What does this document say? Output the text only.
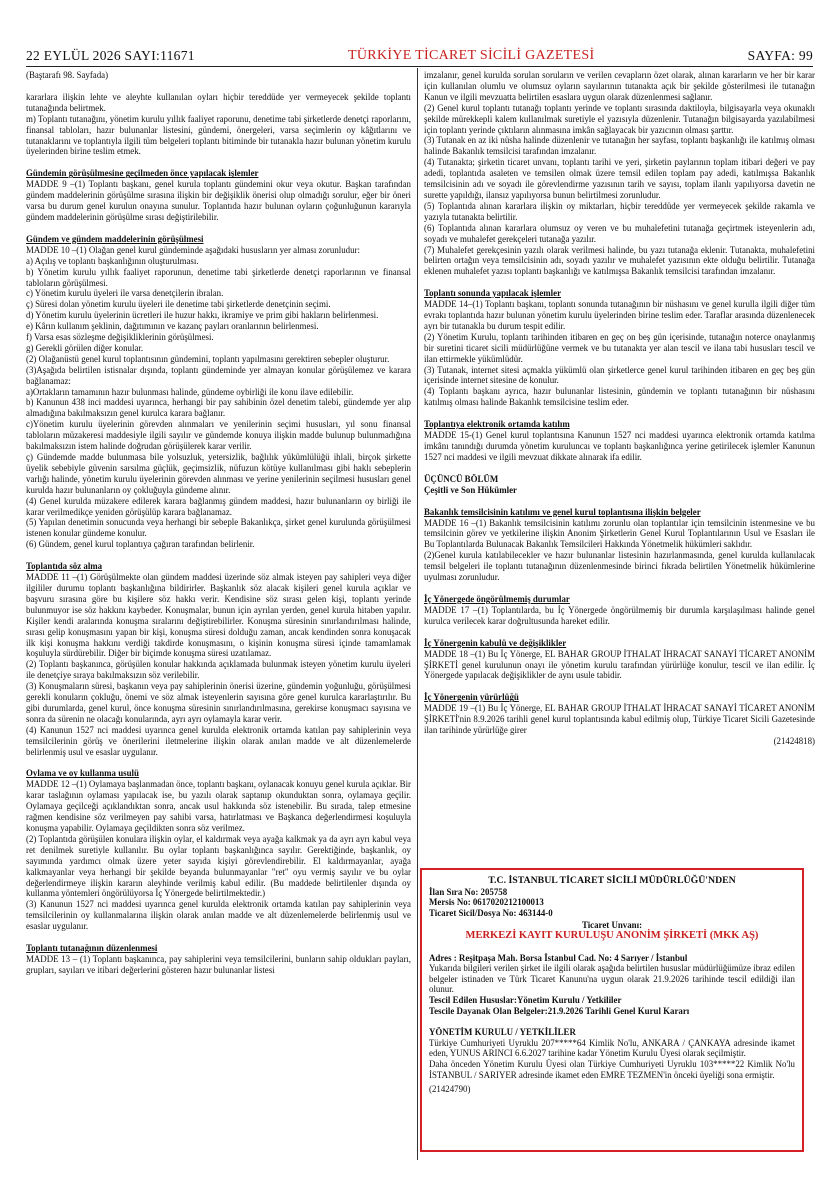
22 EYLÜL 2026 SAYI:11671	TÜRKİYE TİCARET SİCİLİ GAZETESİ	SAYFA: 99

(Baştarafı 98. Sayfada)

kararlara ilişkin lehte ve aleyhte kullanılan oyları hiçbir tereddüde yer vermeyecek şekilde toplantı tutanağında belirtmek.

m) Toplantı tutanağını, yönetim kurulu yıllık faaliyet raporunu, denetime tabi şirketlerde denetçi raporlarını, finansal tabloları, hazır bulunanlar listesini, gündemi, önergeleri, varsa seçimlerin oy kâğıtlarını ve tutanaklarını ve toplantıyla ilgili tüm belgeleri toplantı bitiminde bir tutanakla hazır bulunan yönetim kurulu üyelerinden birine teslim etmek.

Gündemin görüşülmesine geçilmeden önce yapılacak işlemler

MADDE 9 –(1) Toplantı başkanı, genel kurula toplantı gündemini okur veya okutur. Başkan tarafından gündem maddelerinin görüşülme sırasına ilişkin bir değişiklik önerisi olup olmadığı sorulur, eğer bir öneri varsa bu durum genel kurulun onayına sunulur. Toplantıda hazır bulunan oyların çoğunluğunun kararıyla gündem maddelerinin görüşülme sırası değiştirilebilir.

Gündem ve gündem maddelerinin görüşülmesi

MADDE 10 –(1) Olağan genel kurul gündeminde aşağıdaki hususların yer alması zorunludur:

a) Açılış ve toplantı başkanlığının oluşturulması.

b) Yönetim kurulu yıllık faaliyet raporunun, denetime tabi şirketlerde denetçi raporlarının ve finansal tabloların görüşülmesi.

c) Yönetim kurulu üyeleri ile varsa denetçilerin ibralan.

ç) Süresi dolan yönetim kurulu üyeleri ile denetime tabi şirketlerde denetçinin seçimi.

d) Yönetim kurulu üyelerinin ücretleri ile huzur hakkı, ikramiye ve prim gibi hakların belirlenmesi.

e) Kârın kullanım şeklinin, dağıtımının ve kazanç payları oranlarının belirlenmesi.

f) Varsa esas sözleşme değişikliklerinin görüşülmesi.

g) Gerekli görülen diğer konular.

(2) Olağanüstü genel kurul toplantısının gündemini, toplantı yapılmasını gerektiren sebepler oluşturur.

(3)Aşağıda belirtilen istisnalar dışında, toplantı gündeminde yer almayan konular görüşülemez ve karara bağlanamaz:

a)Ortakların tamamının hazır bulunması halinde, gündeme oybirliği ile konu ilave edilebilir.

b) Kanunun 438 inci maddesi uyarınca, herhangi bir pay sahibinin özel denetim talebi, gündemde yer alıp almadığına bakılmaksızın genel kurulca karara bağlanır.

c)Yönetim kurulu üyelerinin görevden alınmaları ve yenilerinin seçimi hususları, yıl sonu finansal tabloların müzakeresi maddesiyle ilgili sayılır ve gündemde konuya ilişkin madde bulunup bulunmadığına bakılmaksızın istem halinde doğrudan görüşülerek karar verilir.

ç) Gündemde madde bulunmasa bile yolsuzluk, yetersizlik, bağlılık yükümlülüğü ihlali, birçok şirkette üyelik sebebiyle güvenin sarsılma güçlük, geçimsizlik, nüfuzun kötüye kullanılması gibi haklı sebeplerin varlığı halinde, yönetim kurulu üyelerinin görevden alınması ve yerine yenilerinin seçilmesi hususları genel kurulda hazır bulunanların oy çokluğuyla gündeme alınır.

(4) Genel kurulda müzakere edilerek karara bağlanmış gündem maddesi, hazır bulunanların oy birliği ile karar verilmedikçe yeniden görüşülüp karara bağlanamaz.

(5) Yapılan denetimin sonucunda veya herhangi bir sebeple Bakanlıkça, şirket genel kurulunda görüşülmesi istenen konular gündeme konulur.

(6) Gündem, genel kurul toplantıya çağıran tarafından belirlenir.

Toplantıda söz alma

MADDE 11 –(1) Görüşülmekte olan gündem maddesi üzerinde söz almak isteyen pay sahipleri veya diğer ilgililer durumu toplantı başkanlığına bildirirler. Başkanlık söz alacak kişileri genel kurula açıklar ve başvuru sırasına göre bu kişilere söz hakkı verir. Kendisine söz sırası gelen kişi, toplantı yerinde bulunmuyor ise söz hakkını kaybeder. Konuşmalar, bunun için ayrılan yerden, genel kurula hitaben yapılır. Kişiler kendi aralarında konuşma sıralarını değiştirebilirler. Konuşma süresinin sınırlandırılması halinde, sırası gelip konuşmasını yapan bir kişi, konuşma süresi dolduğu zaman, ancak kendinden sonra konuşacak ilk kişi konuşma hakkını verdiği takdirde konuşmasını, o kişinin konuşma süresi içinde tamamlamak koşuluyla sürdürebilir. Diğer bir biçimde konuşma süresi uzatılamaz.

(2) Toplantı başkanınca, görüşülen konular hakkında açıklamada bulunmak isteyen yönetim kurulu üyeleri ile denetçiye sıraya bakılmaksızın söz verilebilir.

(3) Konuşmaların süresi, başkanın veya pay sahiplerinin önerisi üzerine, gündemin yoğunluğu, görüşülmesi gerekli konuların çokluğu, önemi ve söz almak isteyenlerin sayısına göre genel kurulca kararlaştırılır. Bu gibi durumlarda, genel kurul, önce konuşma süresinin sınırlandırılmasına, gerekirse konuşmacı sayısına ve sonra da sürenin ne olacağı konularında, ayrı ayrı oylamayla karar verir.

(4) Kanunun 1527 nci maddesi uyarınca genel kurulda elektronik ortamda katılan pay sahiplerinin veya temsilcilerinin görüş ve önerilerini iletmelerine ilişkin olarak anılan madde ve alt düzenlemelerde belirlenmiş usul ve esaslar uygulanır.

Oylama ve oy kullanma usulü

MADDE 12 –(1) Oylamaya başlanmadan önce, toplantı başkanı, oylanacak konuyu genel kurula açıklar. Bir karar taslağının oylaması yapılacak ise, bu yazılı olarak saptanıp okunduktan sonra, oylamaya geçilir. Oylamaya geçilceği açıklandıktan sonra, ancak usul hakkında söz istenebilir. Bu sırada, talep etmesine rağmen kendisine söz verilmeyen pay sahibi varsa, hatırlatması ve Başkanca değerlendirmesi koşuluyla konuşma yapabilir. Oylamaya geçildikten sonra söz verilmez.

(2) Toplantıda görüşülen konulara ilişkin oylar, el kaldırmak veya ayağa kalkmak ya da ayrı ayrı kabul veya ret denilmek suretiyle kullanılır. Bu oylar toplantı başkanlığınca sayılır. Gerektiğinde, başkanlık, oy sayımında yardımcı olmak üzere yeter sayıda kişiyi görevlendirebilir. El kaldırmayanlar, ayağa kalkmayanlar veya herhangi bir şekilde beyanda bulunmayanlar "ret" oyu vermiş sayılır ve bu oylar değerlendirmeye ilişkin kararın aleyhinde verilmiş kabul edilir. (Bu maddede belirtilenler dışında oy kullanma yöntemleri öngörülüyorsa İç Yönergede belirtilmektedir.)

(3) Kanunun 1527 nci maddesi uyarınca genel kurulda elektronik ortamda katılan pay sahiplerinin veya temsilcilerinin oy kullanmalarına ilişkin olarak anılan madde ve alt düzenlemelerde belirlenmiş usul ve esaslar uygulanır.

Toplantı tutanağının düzenlenmesi

MADDE 13 – (1) Toplantı başkanınca, pay sahiplerini veya temsilcilerini, bunların sahip oldukları payları, grupları, sayıları ve itibari değerlerini gösteren hazır bulunanlar listesi

imzalanır, genel kurulda sorulan soruların ve verilen cevapların özet olarak, alınan kararların ve her bir karar için kullanılan olumlu ve olumsuz oyların sayılarının tutanakta açık bir şekilde gösterilmesi ile tutanağın Kanun ve ilgili mevzuatta belirtilen esaslara uygun olarak düzenlenmesi sağlanır.

(2) Genel kurul toplantı tutanağı toplantı yerinde ve toplantı sırasında daktiloyla, bilgisayarla veya okunaklı şekilde mürekkepli kalem kullanılmak suretiyle el yazısıyla düzenlenir. Tutanağın bilgisayarda yazılabilmesi için toplantı yerinde çıktıların alınmasına imkân sağlayacak bir yazıcının olması şarttır.

(3) Tutanak en az iki nüsha halinde düzenlenir ve tutanağın her sayfası, toplantı başkanlığı ile katılmış olması halinde Bakanlık temsilcisi tarafından imzalanır.

(4) Tutanakta; şirketin ticaret unvanı, toplantı tarihi ve yeri, şirketin paylarının toplam itibari değeri ve pay adedi, toplantıda asaleten ve temsilen olmak üzere temsil edilen toplam pay adedi, katılmışsa Bakanlık temsilcisinin adı ve soyadı ile görevlendirme yazısının tarih ve sayısı, toplam ilanlı yapılıyorsa davetin ne surette yapıldığı, ilansız yapılıyorsa bunun belirtilmesi zorunludur.

(5) Toplantıda alınan kararlara ilişkin oy miktarları, hiçbir tereddüde yer vermeyecek şekilde rakamla ve yazıyla tutanakta belirtilir.

(6) Toplantıda alınan kararlara olumsuz oy veren ve bu muhalefetini tutanağa geçirtmek isteyenlerin adı, soyadı ve muhalefet gerekçeleri tutanağa yazılır.

(7) Muhalefet gerekçesinin yazılı olarak verilmesi halinde, bu yazı tutanağa eklenir. Tutanakta, muhalefetini belirten ortağın veya temsilcisinin adı, soyadı yazılır ve muhalefet yazısının ekte olduğu belirtilir. Tutanağa eklenen muhalefet yazısı toplantı başkanlığı ve katılmışsa Bakanlık temsilcisi tarafından imzalanır.

Toplantı sonunda yapılacak işlemler

MADDE 14–(1) Toplantı başkanı, toplantı sonunda tutanağının bir nüshasını ve genel kurulla ilgili diğer tüm evrakı toplantıda hazır bulunan yönetim kurulu üyelerinden birine teslim eder. Taraflar arasında düzenlenecek ayrı bir tutanakla bu durum tespit edilir.

(2) Yönetim Kurulu, toplantı tarihinden itibaren en geç on beş gün içerisinde, tutanağın noterce onaylanmış bir suretini ticaret sicili müdürlüğüne vermek ve bu tutanakta yer alan tescil ve ilana tabi hususları tescil ve ilan ettirmekle yükümlüdür.

(3) Tutanak, internet sitesi açmakla yükümlü olan şirketlerce genel kurul tarihinden itibaren en geç beş gün içerisinde internet sitesine de konulur.

(4) Toplantı başkanı ayrıca, hazır bulunanlar listesinin, gündemin ve toplantı tutanağının bir nüshasını katılmış olması halinde Bakanlık temsilcisine teslim eder.

Toplantıya elektronik ortamda katılım

MADDE 15-(1) Genel kurul toplantısına Kanunun 1527 nci maddesi uyarınca elektronik ortamda katılma imkânı tanındığı durumda yönetim kuruluncaı ve toplantı başkanlığınca yerine getirilecek işlemler Kanunun 1527 nci maddesi ve ilgili mevzuat dikkate alınarak ifa edilir.

ÜÇÜNCÜ BÖLÜM

Çeşitli ve Son Hükümler

Bakanlık temsilcisinin katılımı ve genel kurul toplantısına ilişkin belgeler

MADDE 16 –(1) Bakanlık temsilcisinin katılımı zorunlu olan toplantılar için temsilcinin istenmesine ve bu temsilcinin görev ve yetkilerine ilişkin Anonim Şirketlerin Genel Kurul Toplantılarının Usul ve Esasları ile Bu Toplantılarda Bulunacak Bakanlık Temsilcileri Hakkında Yönetmelik hükümleri saklıdır.

(2)Genel kurula katılabilecekler ve hazır bulunanlar listesinin hazırlanmasında, genel kurulda kullanılacak temsil belgeleri ile toplantı tutanağının düzenlenmesinde birinci fıkrada belirtilen Yönetmelik hükümlerine uyulması zorunludur.

İç Yönergede öngörülmemiş durumlar

MADDE 17 –(1) Toplantılarda, bu İç Yönergede öngörülmemiş bir durumla karşılaşılması halinde genel kurulca verilecek karar doğrultusunda hareket edilir.

İç Yönergenin kabulü ve değişiklikler

MADDE 18 –(1) Bu İç Yönerge, EL BAHAR GROUP İTHALAT İHRACAT SANAYİ TİCARET ANONİM ŞİRKETİ genel kurulunun onayı ile yönetim kurulu tarafından yürürlüğe konulur, tescil ve ilan edilir. İç Yönergede yapılacak değişiklikler de aynı usule tabidir.

İç Yönergenin yürürlüğü

MADDE 19 –(1) Bu İç Yönerge, EL BAHAR GROUP İTHALAT İHRACAT SANAYİ TİCARET ANONİM ŞİRKETİ'nin 8.9.2026 tarihli genel kurul toplantısında kabul edilmiş olup, Türkiye Ticaret Sicili Gazetesinde ilan tarihinde yürürlüğe girer

(21424818)

T.C. İSTANBUL TİCARET SİCİLİ MÜDÜRLÜĞÜ'NDEN

İlan Sıra No: 205758

Mersis No: 0617020212100013

Ticaret Sicil/Dosya No: 463144-0

Ticaret Unvanı:

MERKEZİ KAYIT KURULUŞU ANONİM ŞİRKETİ (MKK AŞ)

Adres : Reşitpaşa Mah. Borsa İstanbul Cad. No: 4 Sarıyer / İstanbul

Yukarıda bilgileri verilen şirket ile ilgili olarak aşağıda belirtilen hususlar müdürlüğümüze ibraz edilen belgeler istinaden ve Türk Ticaret Kanunu'na uygun olarak 21.9.2026 tarihinde tescil edildiği ilan olunur.

Tescil Edilen Hususlar:Yönetim Kurulu / Yetkililer

Tescile Dayanak Olan Belgeler:21.9.2026 Tarihli Genel Kurul Kararı

YÖNETİM KURULU / YETKİLİLER

Türkiye Cumhuriyeti Uyruklu 207*****64 Kimlik No'lu, ANKARA / ÇANKAYA adresinde ikamet eden, YUNUS ARINCI 6.6.2027 tarihine kadar Yönetim Kurulu Üyesi olarak seçilmiştir.

Daha önceden Yönetim Kurulu Üyesi olan Türkiye Cumhuriyeti Uyruklu 103*****22 Kimlik No'lu İSTANBUL / SARIYER adresinde ikamet eden EMRE TEZMEN'in önceki üyeliği sona ermiştir.

(21424790)
